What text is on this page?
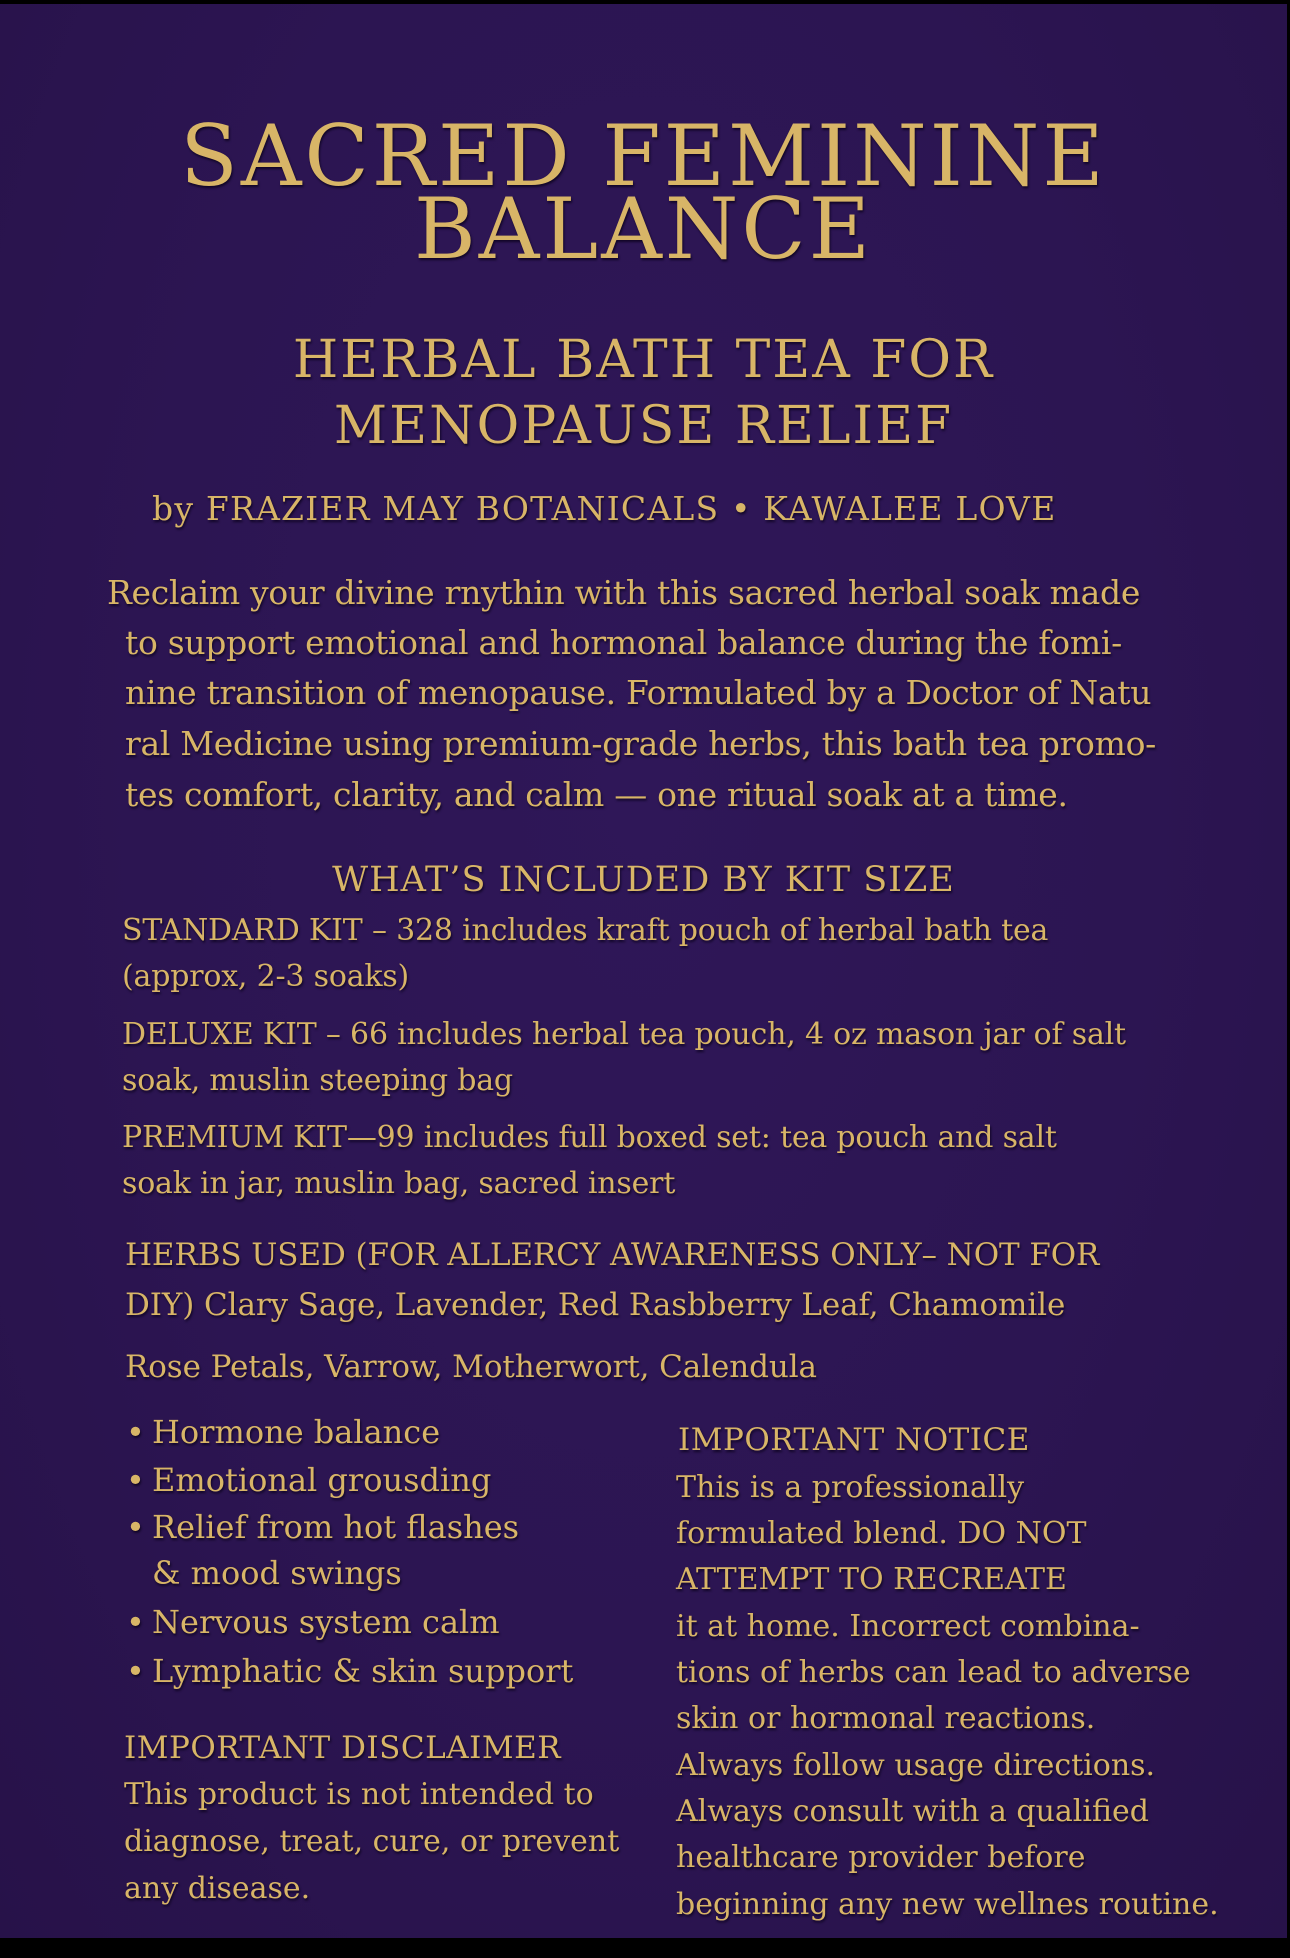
SACRED FEMININE
BALANCE
HERBAL BATH TEA FOR
MENOPAUSE RELIEF
by FRAZIER MAY BOTANICALS • KAWALEE LOVE
Reclaim your divine rnythin with this sacred herbal soak made
to support emotional and hormonal balance during the fomi-
nine transition of menopause. Formulated by a Doctor of Natu
ral Medicine using premium-grade herbs, this bath tea promo-
tes comfort, clarity, and calm — one ritual soak at a time.
WHAT’S INCLUDED BY KIT SIZE
STANDARD KIT – 328 includes kraft pouch of herbal bath tea
(approx, 2-3 soaks)
DELUXE KIT – 66 includes herbal tea pouch, 4 oz mason jar of salt
soak, muslin steeping bag
PREMIUM KIT—99 includes full boxed set: tea pouch and salt
soak in jar, muslin bag, sacred insert
HERBS USED (FOR ALLERCY AWARENESS ONLY– NOT FOR
DIY) Clary Sage, Lavender, Red Rasbberry Leaf, Chamomile
Rose Petals, Varrow, Motherwort, Calendula
• Hormone balance
• Emotional grousding
• Relief from hot flashes
& mood swings
• Nervous system calm
• Lymphatic & skin support
IMPORTANT DISCLAIMER
This product is not intended to
diagnose, treat, cure, or prevent
any disease.
IMPORTANT NOTICE
This is a professionally
formulated blend. DO NOT
ATTEMPT TO RECREATE
it at home. Incorrect combina-
tions of herbs can lead to adverse
skin or hormonal reactions.
Always follow usage directions.
Always consult with a qualified
healthcare provider before
beginning any new wellnes routine.
